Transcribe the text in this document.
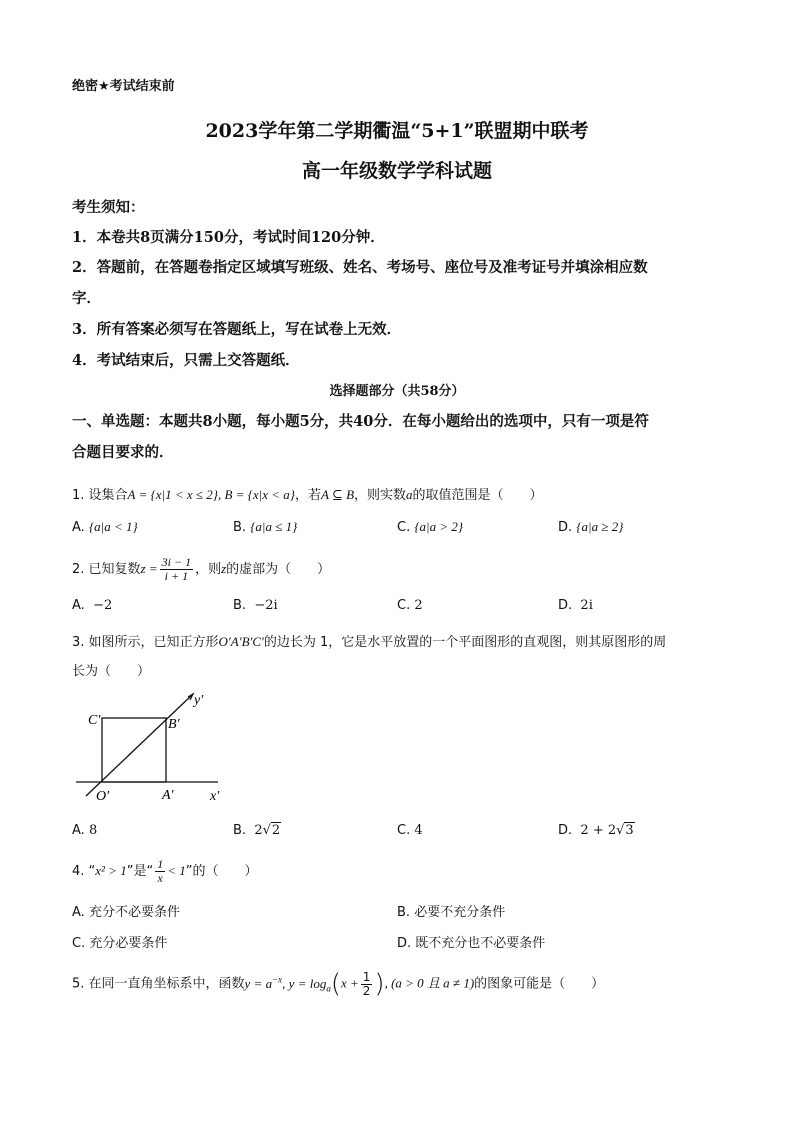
绝密★考试结束前
2023学年第二学期衢温“5+1”联盟期中联考
高一年级数学学科试题
考生须知：
1．本卷共8页满分150分，考试时间120分钟．
2．答题前，在答题卷指定区域填写班级、姓名、考场号、座位号及准考证号并填涂相应数
字．
3．所有答案必须写在答题纸上，写在试卷上无效．
4．考试结束后，只需上交答题纸．
选择题部分（共58分）
一、单选题：本题共8小题，每小题5分，共40分．在每小题给出的选项中，只有一项是符
合题目要求的．
1. 设集合A = {x|1 < x ≤ 2}, B = {x|x < a}，若A ⊆ B，则实数a的取值范围是（　　）
A. {a|a < 1}	B. {a|a ≤ 1}	C. {a|a > 2}	D. {a|a ≥ 2}
2. 已知复数$z = \frac{3i - 1}{i + 1}$ ，则z的虚部为（　　）
A. −2	B. −2i	C. 2	D. 2i
3. 如图所示，已知正方形O′A′B′C′的边长为 1，它是水平放置的一个平面图形的直观图，则其原图形的周
长为（　　）
C′	B′
O′	A′	x′
y′
A. 8	B. 2√2	C. 4	D. 2 + 2√3
4. “x² > 1”是“ $\frac{1}{x} < 1$”的（　　）
A. 充分不必要条件	B. 必要不充分条件
C. 充分必要条件	D. 既不充分也不必要条件
5. 在同一直角坐标系中，函数$y = a^{-x}$, $y = \log_a(x + \frac{1}{2}$ ), (a > 0 且 a ≠ 1)的图象可能是（　　）
